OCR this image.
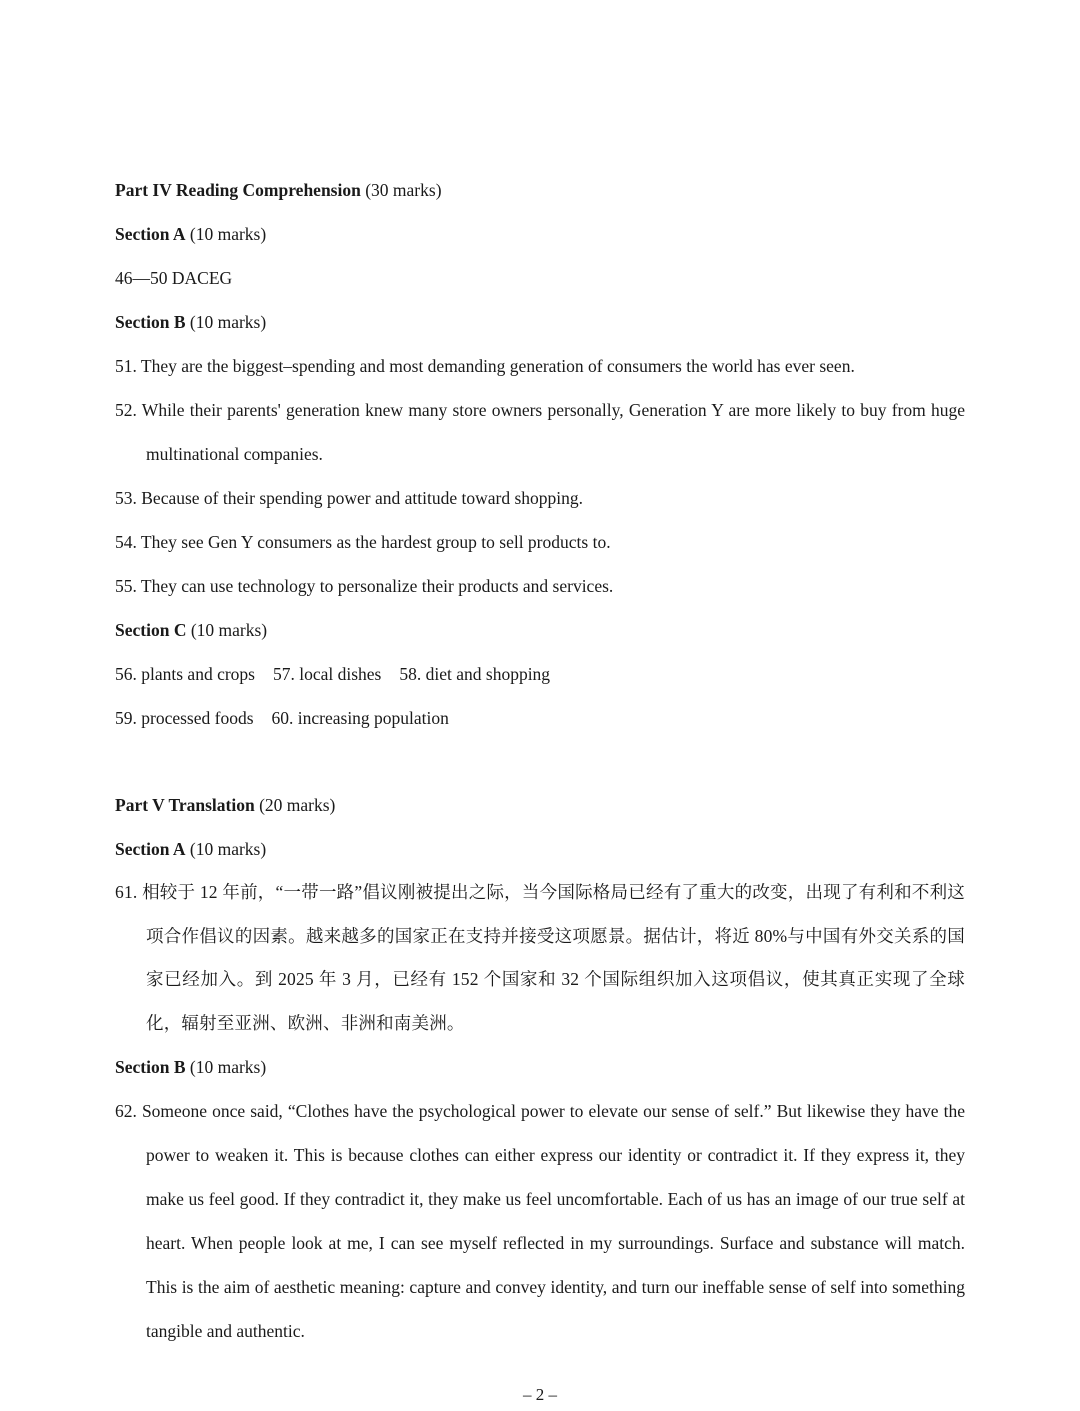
Part IV Reading Comprehension (30 marks)
Section A (10 marks)
46—50 DACEG
Section B (10 marks)
51. They are the biggest–spending and most demanding generation of consumers the world has ever seen.
52. While their parents' generation knew many store owners personally, Generation Y are more likely to buy from huge multinational companies.
53. Because of their spending power and attitude toward shopping.
54. They see Gen Y consumers as the hardest group to sell products to.
55. They can use technology to personalize their products and services.
Section C (10 marks)
56. plants and crops 57. local dishes 58. diet and shopping
59. processed foods 60. increasing population
Part V Translation (20 marks)
Section A (10 marks)
61. 相较于 12 年前，“一带一路”倡议刚被提出之际，当今国际格局已经有了重大的改变，出现了有利和不利这项合作倡议的因素。越来越多的国家正在支持并接受这项愿景。据估计，将近 80%与中国有外交关系的国家已经加入。到 2025 年 3 月，已经有 152 个国家和 32 个国际组织加入这项倡议，使其真正实现了全球化，辐射至亚洲、欧洲、非洲和南美洲。
Section B (10 marks)
62. Someone once said, “Clothes have the psychological power to elevate our sense of self.” But likewise they have the power to weaken it. This is because clothes can either express our identity or contradict it. If they express it, they make us feel good. If they contradict it, they make us feel uncomfortable. Each of us has an image of our true self at heart. When people look at me, I can see myself reflected in my surroundings. Surface and substance will match. This is the aim of aesthetic meaning: capture and convey identity, and turn our ineffable sense of self into something tangible and authentic.
– 2 –
